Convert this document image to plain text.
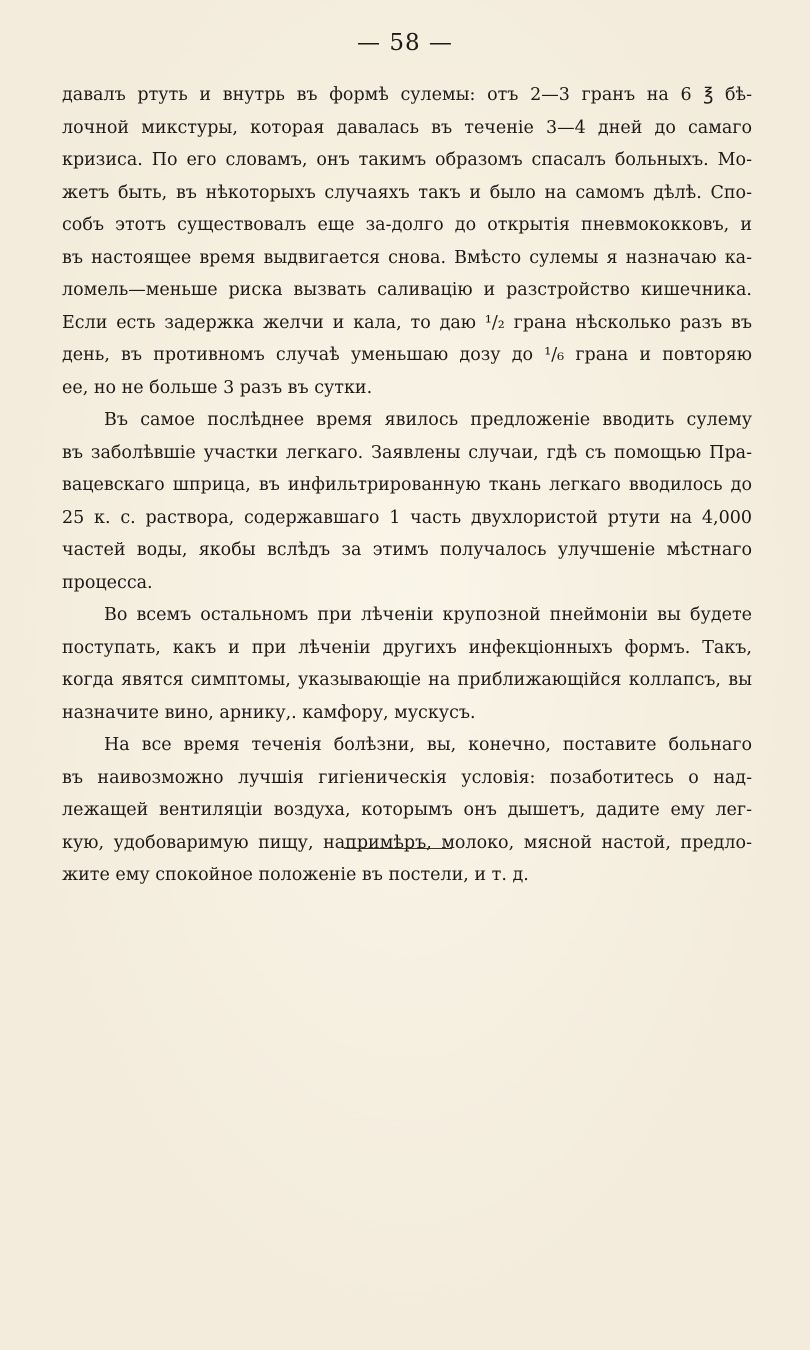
— 58 —
давалъ ртуть и внутрь въ формѣ сулемы: отъ 2—3 гранъ на 6 ℥ бѣ-
лочной микстуры, которая давалась въ теченіе 3—4 дней до самаго
кризиса. По его словамъ, онъ такимъ образомъ спасалъ больныхъ. Мо-
жетъ быть, въ нѣкоторыхъ случаяхъ такъ и было на самомъ дѣлѣ. Спо-
собъ этотъ существовалъ еще за-долго до открытія пневмококковъ, и
въ настоящее время выдвигается снова. Вмѣсто сулемы я назначаю ка-
ломель—меньше риска вызвать саливацію и разстройство кишечника.
Если есть задержка желчи и кала, то даю ¹/₂ грана нѣсколько разъ въ
день, въ противномъ случаѣ уменьшаю дозу до ¹/₆ грана и повторяю
ее, но не больше 3 разъ въ сутки.
Въ самое послѣднее время явилось предложеніе вводить сулему
въ заболѣвшіе участки легкаго. Заявлены случаи, гдѣ съ помощью Пра-
вацевскаго шприца, въ инфильтрированную ткань легкаго вводилось до
25 к. с. раствора, содержавшаго 1 часть двухлористой ртути на 4,000
частей воды, якобы вслѣдъ за этимъ получалось улучшеніе мѣстнаго
процесса.
Во всемъ остальномъ при лѣченіи крупозной пнеймоніи вы будете
поступать, какъ и при лѣченіи другихъ инфекціонныхъ формъ. Такъ,
когда явятся симптомы, указывающіе на приближающійся коллапсъ, вы
назначите вино, арнику,. камфору, мускусъ.
На все время теченія болѣзни, вы, конечно, поставите больнаго
въ наивозможно лучшія гигіеническія условія: позаботитесь о над-
лежащей вентиляціи воздуха, которымъ онъ дышетъ, дадите ему лег-
кую, удобоваримую пищу, напримѣръ, молоко, мясной настой, предло-
жите ему спокойное положеніе въ постели, и т. д.
